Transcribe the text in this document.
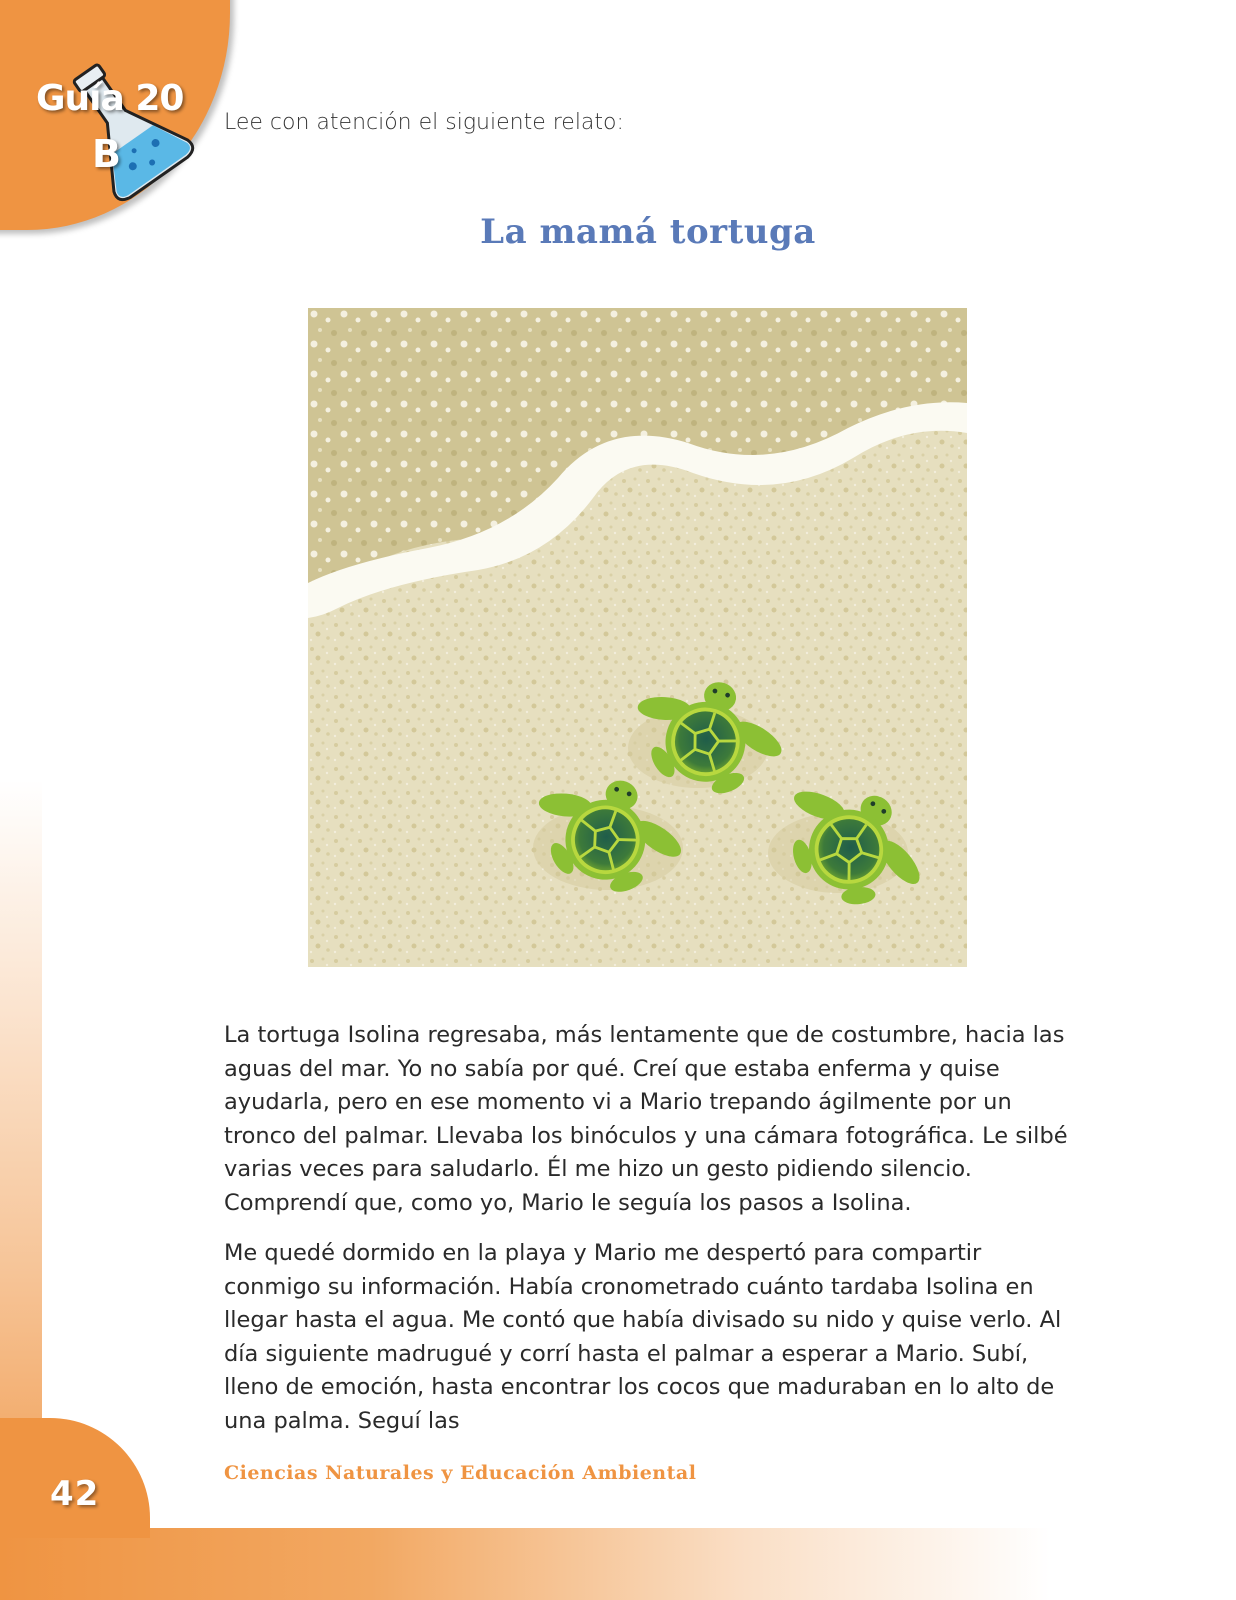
Guía 20
B
Lee con atención el siguiente relato:
La mamá tortuga

La tortuga Isolina regresaba, más lentamente que de costumbre, hacia las aguas del mar. Yo no sabía por qué. Creí que estaba enferma y quise ayudarla, pero en ese momento vi a Mario trepando ágilmente por un tronco del palmar. Llevaba los binóculos y una cámara fotográfica. Le silbé varias veces para saludarlo. Él me hizo un gesto pidiendo silencio. Comprendí que, como yo, Mario le seguía los pasos a Isolina.

Me quedé dormido en la playa y Mario me despertó para compartir conmigo su información. Había cronometrado cuánto tardaba Isolina en llegar hasta el agua. Me contó que había divisado su nido y quise verlo. Al día siguiente madrugué y corrí hasta el palmar a esperar a Mario. Subí, lleno de emoción, hasta encontrar los cocos que maduraban en lo alto de una palma. Seguí las

42
Ciencias Naturales y Educación Ambiental
